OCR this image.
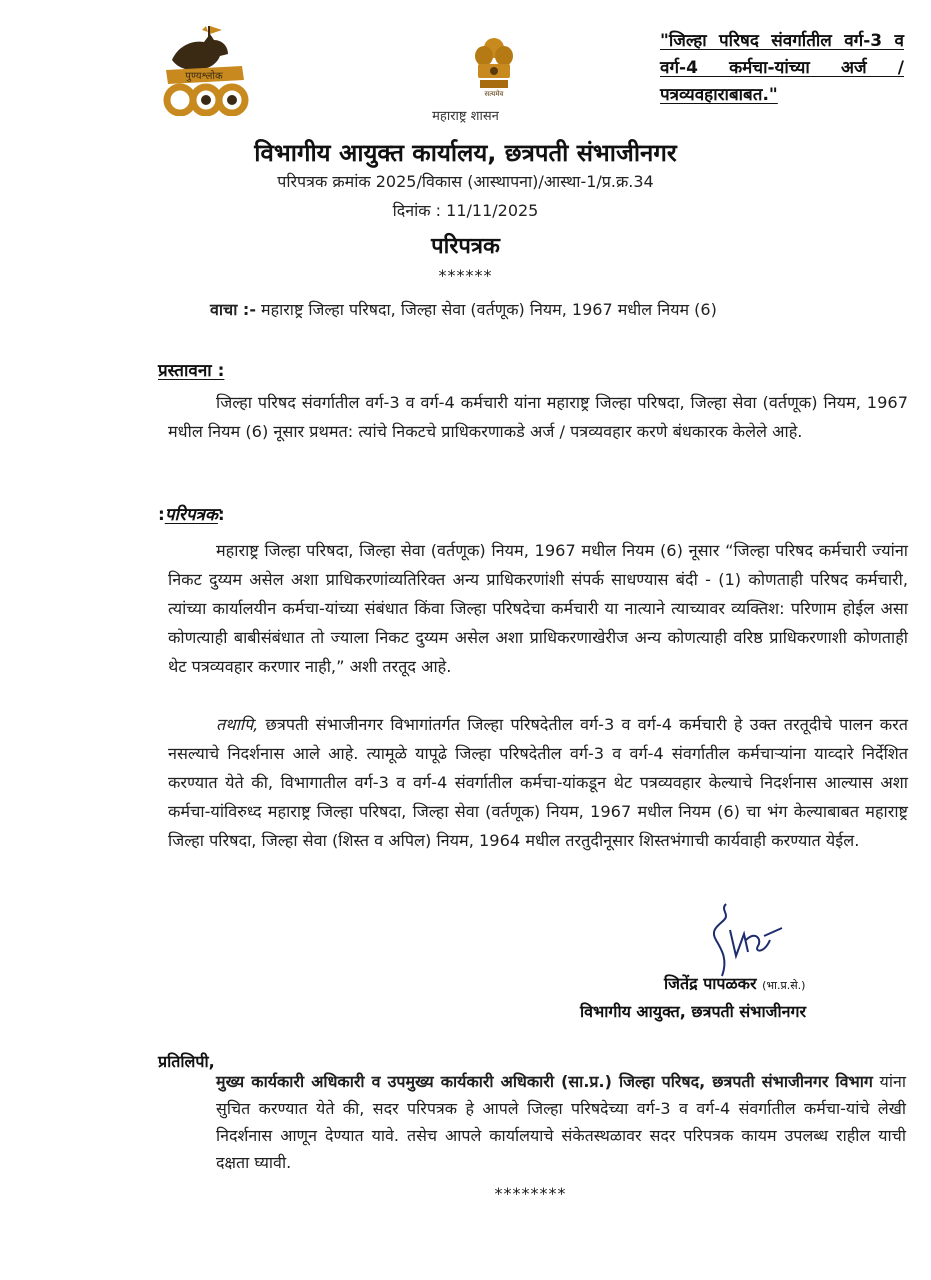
पुण्यश्लोक
सत्यमेव
महाराष्ट्र शासन
"जिल्हा परिषद संवर्गातील वर्ग-3 व वर्ग-4 कर्मचा-यांच्या अर्ज / पत्रव्यवहाराबाबत."
विभागीय आयुक्त कार्यालय, छत्रपती संभाजीनगर
परिपत्रक क्रमांक 2025/विकास (आस्थापना)/आस्था-1/प्र.क्र.34
दिनांक : 11/11/2025
परिपत्रक
******
वाचा :- महाराष्ट्र जिल्हा परिषदा, जिल्हा सेवा (वर्तणूक) नियम, 1967 मधील नियम (6)
प्रस्तावना :

जिल्हा परिषद संवर्गातील वर्ग-3 व वर्ग-4 कर्मचारी यांना महाराष्ट्र जिल्हा परिषदा, जिल्हा सेवा (वर्तणूक) नियम, 1967 मधील नियम (6) नूसार प्रथमत: त्यांचे निकटचे प्राधिकरणाकडे अर्ज / पत्रव्यवहार करणे बंधकारक केलेले आहे.

:परिपत्रक:

महाराष्ट्र जिल्हा परिषदा, जिल्हा सेवा (वर्तणूक) नियम, 1967 मधील नियम (6) नूसार “जिल्हा परिषद कर्मचारी ज्यांना निकट दुय्यम असेल अशा प्राधिकरणांव्यतिरिक्त अन्य प्राधिकरणांशी संपर्क साधण्यास बंदी - (1) कोणताही परिषद कर्मचारी, त्यांच्या कार्यालयीन कर्मचा-यांच्या संबंधात किंवा जिल्हा परिषदेचा कर्मचारी या नात्याने त्याच्यावर व्यक्तिश: परिणाम होईल असा कोणत्याही बाबीसंबंधात तो ज्याला निकट दुय्यम असेल अशा प्राधिकरणाखेरीज अन्य कोणत्याही वरिष्ठ प्राधिकरणाशी कोणताही थेट पत्रव्यवहार करणार नाही,” अशी तरतूद आहे.

तथापि, छत्रपती संभाजीनगर विभागांतर्गत जिल्हा परिषदेतील वर्ग-3 व वर्ग-4 कर्मचारी हे उक्त तरतूदीचे पालन करत नसल्याचे निदर्शनास आले आहे. त्यामूळे यापूढे जिल्हा परिषदेतील वर्ग-3 व वर्ग-4 संवर्गातील कर्मचाऱ्यांना याव्दारे निर्देशित करण्यात येते की, विभागातील वर्ग-3 व वर्ग-4 संवर्गातील कर्मचा-यांकडून थेट पत्रव्यवहार केल्याचे निदर्शनास आल्यास अशा कर्मचा-यांविरुध्द महाराष्ट्र जिल्हा परिषदा, जिल्हा सेवा (वर्तणूक) नियम, 1967 मधील नियम (6) चा भंग केल्याबाबत महाराष्ट्र जिल्हा परिषदा, जिल्हा सेवा (शिस्त व अपिल) नियम, 1964 मधील तरतुदीनूसार शिस्तभंगाची कार्यवाही करण्यात येईल.

जितेंद्र पापळकर (भा.प्र.से.)
विभागीय आयुक्त, छत्रपती संभाजीनगर
प्रतिलिपी,

मुख्य कार्यकारी अधिकारी व उपमुख्य कार्यकारी अधिकारी (सा.प्र.) जिल्हा परिषद, छत्रपती संभाजीनगर विभाग यांना सुचित करण्यात येते की, सदर परिपत्रक हे आपले जिल्हा परिषदेच्या वर्ग-3 व वर्ग-4 संवर्गातील कर्मचा-यांचे लेखी निदर्शनास आणून देण्यात यावे. तसेच आपले कार्यालयाचे संकेतस्थळावर सदर परिपत्रक कायम उपलब्ध राहील याची दक्षता घ्यावी.

********
